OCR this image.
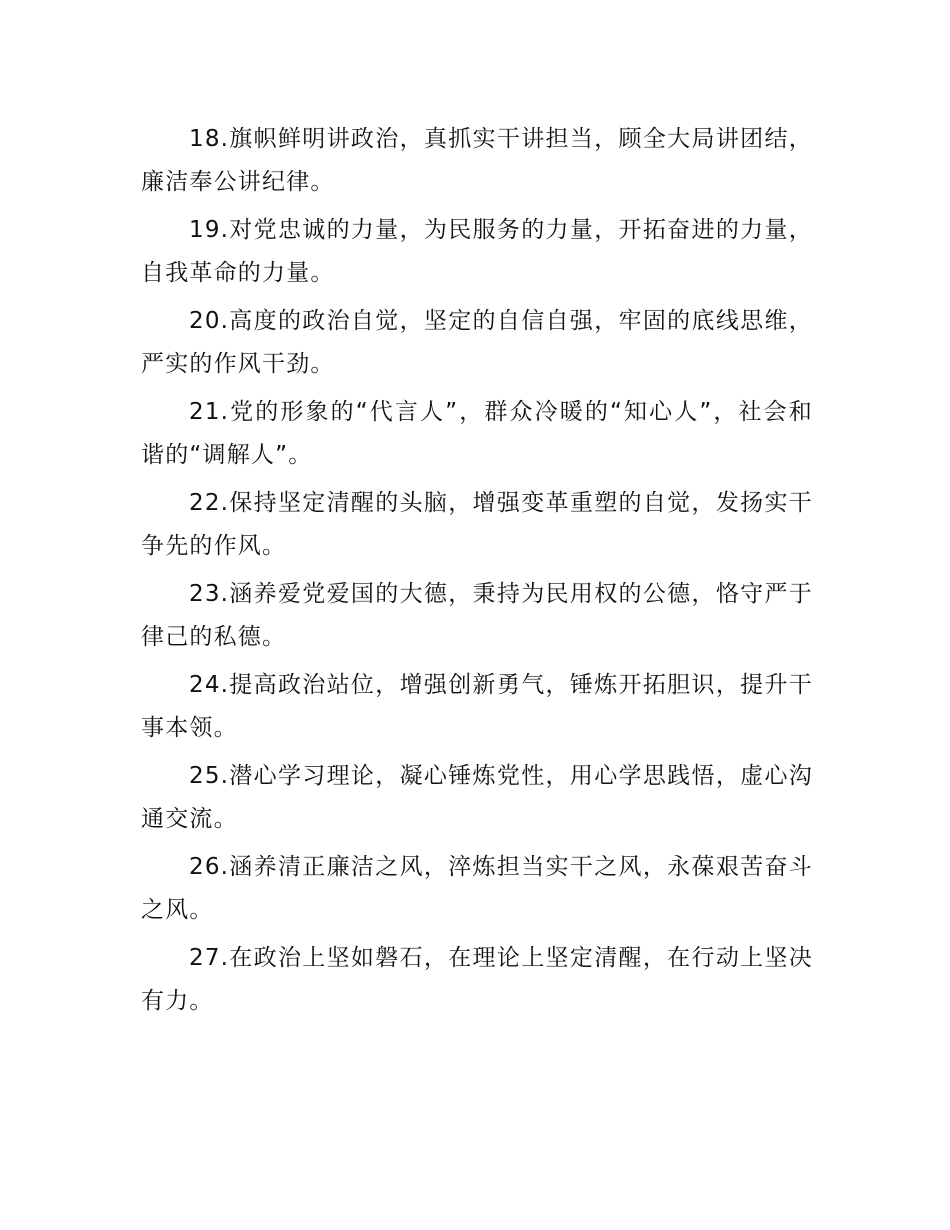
18.旗帜鲜明讲政治，真抓实干讲担当，顾全大局讲团结，廉洁奉公讲纪律。

19.对党忠诚的力量，为民服务的力量，开拓奋进的力量，自我革命的力量。

20.高度的政治自觉，坚定的自信自强，牢固的底线思维，严实的作风干劲。

21.党的形象的“代言人”，群众冷暖的“知心人”，社会和谐的“调解人”。

22.保持坚定清醒的头脑，增强变革重塑的自觉，发扬实干争先的作风。

23.涵养爱党爱国的大德，秉持为民用权的公德，恪守严于律己的私德。

24.提高政治站位，增强创新勇气，锤炼开拓胆识，提升干事本领。

25.潜心学习理论，凝心锤炼党性，用心学思践悟，虚心沟通交流。

26.涵养清正廉洁之风，淬炼担当实干之风，永葆艰苦奋斗之风。

27.在政治上坚如磐石，在理论上坚定清醒，在行动上坚决有力。
